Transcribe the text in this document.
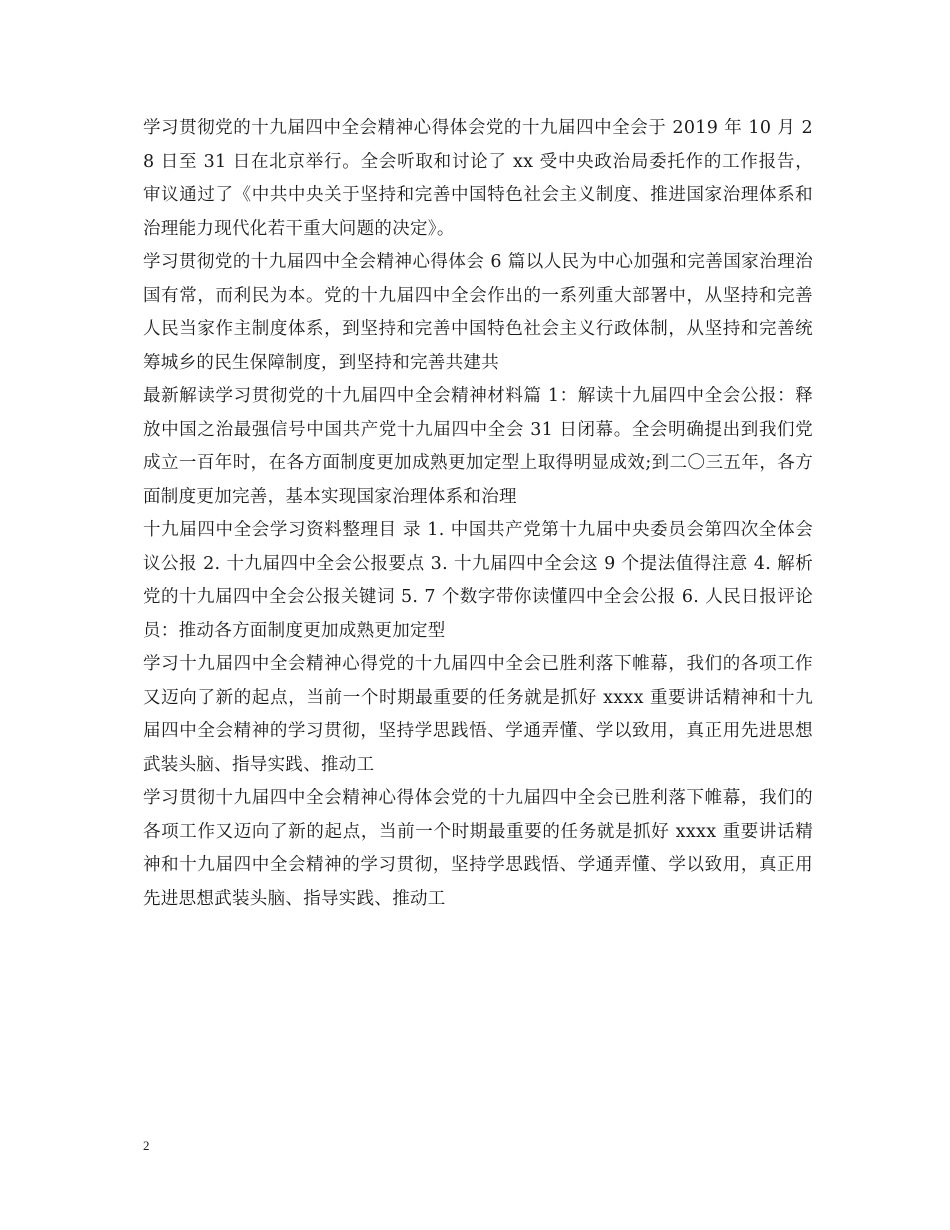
学习贯彻党的十九届四中全会精神心得体会党的十九届四中全会于 2019 年 10 月 28 日至 31 日在北京举行。全会听取和讨论了 xx 受中央政治局委托作的工作报告，审议通过了《中共中央关于坚持和完善中国特色社会主义制度、推进国家治理体系和治理能力现代化若干重大问题的决定》。

学习贯彻党的十九届四中全会精神心得体会 6 篇以人民为中心加强和完善国家治理治国有常，而利民为本。党的十九届四中全会作出的一系列重大部署中，从坚持和完善人民当家作主制度体系，到坚持和完善中国特色社会主义行政体制，从坚持和完善统筹城乡的民生保障制度，到坚持和完善共建共

最新解读学习贯彻党的十九届四中全会精神材料篇 1：解读十九届四中全会公报：释放中国之治最强信号中国共产党十九届四中全会 31 日闭幕。全会明确提出到我们党成立一百年时，在各方面制度更加成熟更加定型上取得明显成效;到二〇三五年，各方面制度更加完善，基本实现国家治理体系和治理

十九届四中全会学习资料整理目 录 1. 中国共产党第十九届中央委员会第四次全体会议公报 2. 十九届四中全会公报要点 3. 十九届四中全会这 9 个提法值得注意 4. 解析党的十九届四中全会公报关键词 5. 7 个数字带你读懂四中全会公报 6. 人民日报评论员：推动各方面制度更加成熟更加定型

学习十九届四中全会精神心得党的十九届四中全会已胜利落下帷幕，我们的各项工作又迈向了新的起点，当前一个时期最重要的任务就是抓好 xxxx 重要讲话精神和十九届四中全会精神的学习贯彻，坚持学思践悟、学通弄懂、学以致用，真正用先进思想武装头脑、指导实践、推动工

学习贯彻十九届四中全会精神心得体会党的十九届四中全会已胜利落下帷幕，我们的各项工作又迈向了新的起点，当前一个时期最重要的任务就是抓好 xxxx 重要讲话精神和十九届四中全会精神的学习贯彻，坚持学思践悟、学通弄懂、学以致用，真正用先进思想武装头脑、指导实践、推动工

2
